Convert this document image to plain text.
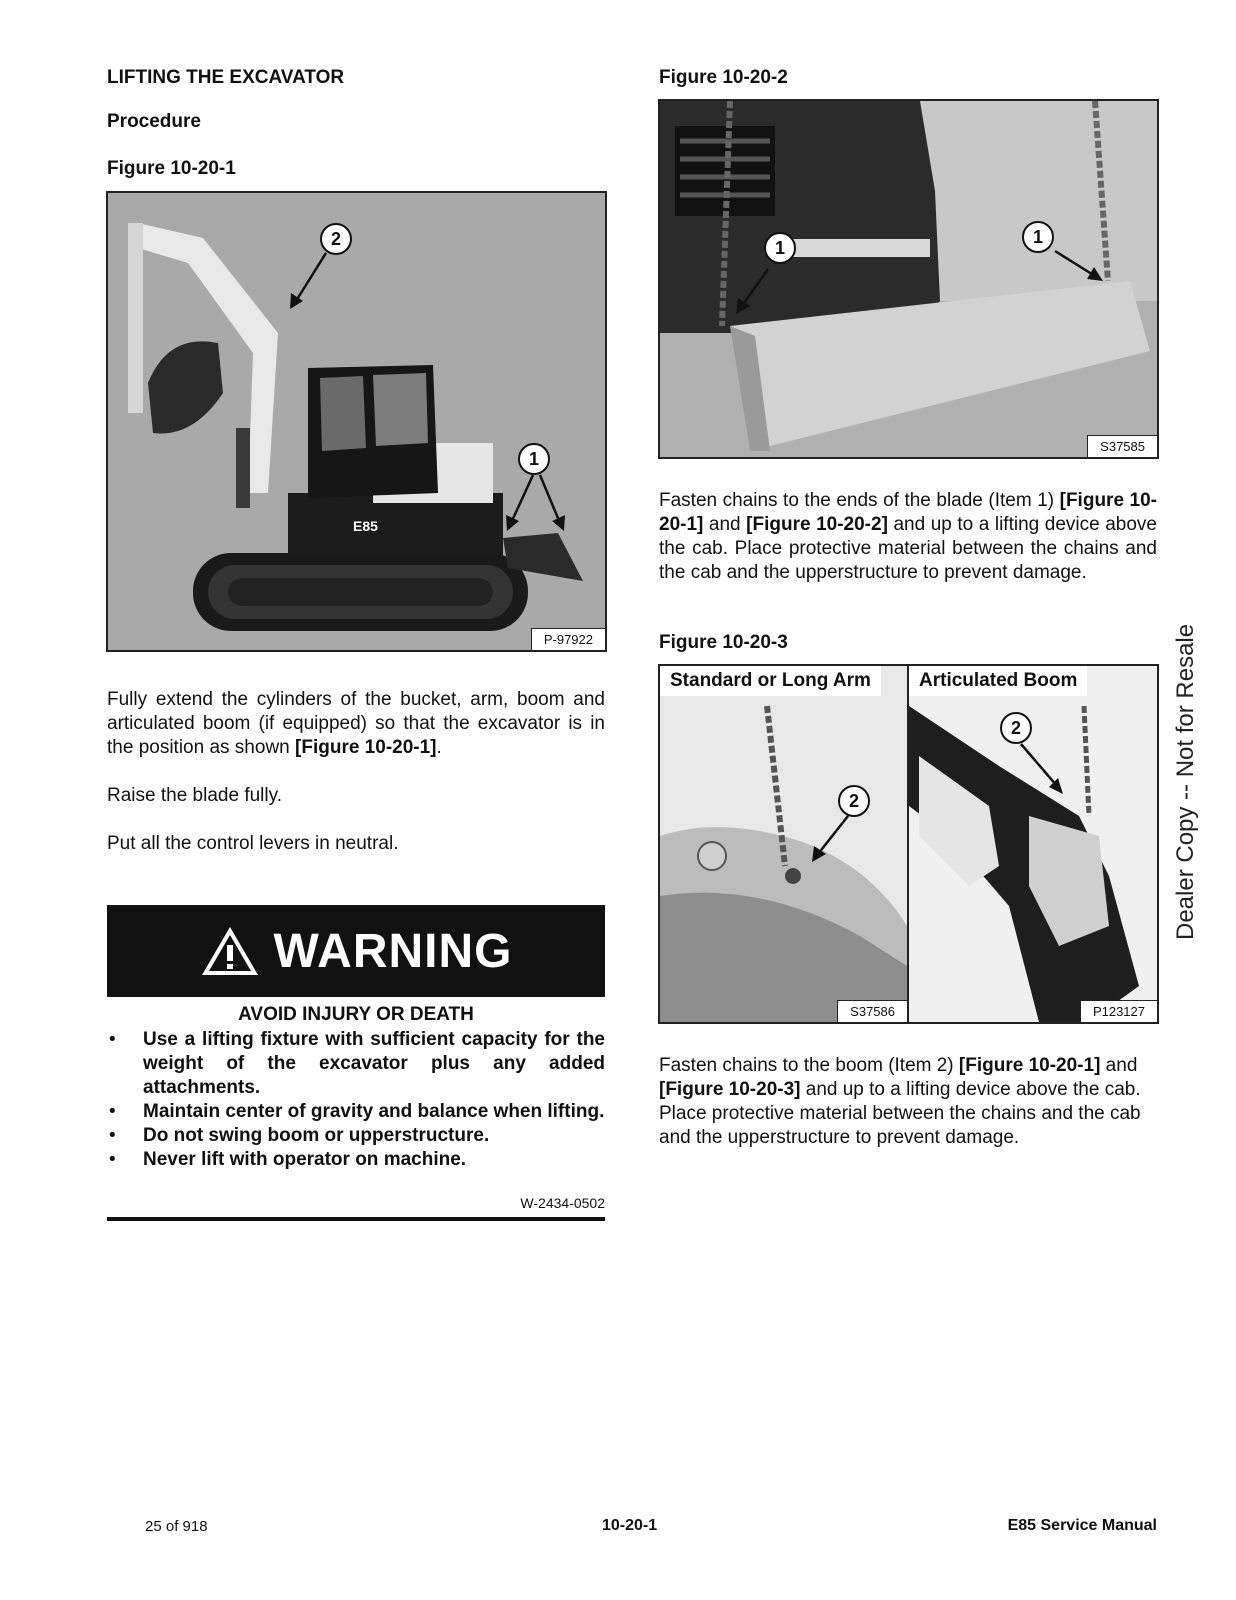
LIFTING THE EXCAVATOR
Procedure
Figure 10-20-1
E85
2
1
P-97922
Fully extend the cylinders of the bucket, arm, boom and articulated boom (if equipped) so that the excavator is in the position as shown [Figure 10-20-1].
Raise the blade fully.
Put all the control levers in neutral.
WARNING
AVOID INJURY OR DEATH
• Use a lifting fixture with sufficient capacity for the weight of the excavator plus any added attachments.
• Maintain center of gravity and balance when lifting.
• Do not swing boom or upperstructure.
• Never lift with operator on machine.
W-2434-0502
Figure 10-20-2
1
1
S37585
Fasten chains to the ends of the blade (Item 1) [Figure 10-20-1] and [Figure 10-20-2] and up to a lifting device above the cab. Place protective material between the chains and the cab and the upperstructure to prevent damage.
Figure 10-20-3
Standard or Long Arm
2
S37586
Articulated Boom
2
P123127
Fasten chains to the boom (Item 2) [Figure 10-20-1] and [Figure 10-20-3] and up to a lifting device above the cab. Place protective material between the chains and the cab and the upperstructure to prevent damage.
Dealer Copy -- Not for Resale
25 of 918	10-20-1	E85 Service Manual
